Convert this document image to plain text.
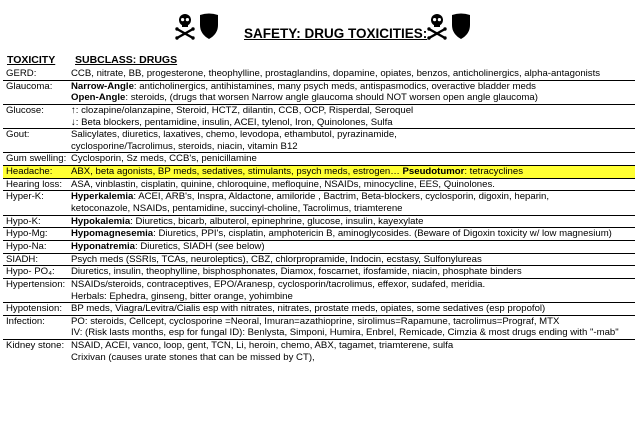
SAFETY: DRUG TOXICITIES:
TOXICITY SUBCLASS: DRUGS
GERD:	CCB, nitrate, BB, progesterone, theophylline, prostaglandins, dopamine, opiates, benzos, anticholinergics, alpha-antagonists
Glaucoma: Narrow-Angle: anticholinergics, antihistamines, many psych meds, antispasmodics, overactive bladder meds
Open-Angle: steroids, (drugs that worsen Narrow angle glaucoma should NOT worsen open angle glaucoma)
Glucose:	↑: clozapine/olanzapine, Steroid, HCTZ, dilantin, CCB, OCP, Risperdal, Seroquel
↓: Beta blockers, pentamidine, insulin, ACEI, tylenol, Iron, Quinolones, Sulfa
Gout:	Salicylates, diuretics, laxatives, chemo, levodopa, ethambutol, pyrazinamide,
cyclosporine/Tacrolimus, steroids, niacin, vitamin B12
Gum swelling: Cyclosporin, Sz meds, CCB's, penicillamine
Headache: ABX, beta agonists, BP meds, sedatives, stimulants, psych meds, estrogen… Pseudotumor: tetracyclines
Hearing loss: ASA, vinblastin, cisplatin, quinine, chloroquine, mefloquine, NSAIDs, minocycline, EES, Quinolones.
Hyper-K:	Hyperkalemia: ACEI, ARB's, Inspra, Aldactone, amiloride , Bactrim, Beta-blockers, cyclosporin, digoxin, heparin,
ketoconazole, NSAIDs, pentamidine, succinyl-choline, Tacrolimus, triamterene
Hypo-K:	Hypokalemia: Diuretics, bicarb, albuterol, epinephrine, glucose, insulin, kayexylate
Hypo-Mg: Hypomagnesemia: Diuretics, PPI's, cisplatin, amphotericin B, aminoglycosides. (Beware of Digoxin toxicity w/ low magnesium)
Hypo-Na:	Hyponatremia: Diuretics, SIADH (see below)
SIADH:	Psych meds (SSRIs, TCAs, neuroleptics), CBZ, chlorpropramide, Indocin, ecstasy, Sulfonylureas
Hypo- PO₄: Diuretics, insulin, theophylline, bisphosphonates, Diamox, foscarnet, ifosfamide, niacin, phosphate binders
Hypertension: NSAIDs/steroids, contraceptives, EPO/Aranesp, cyclosporin/tacrolimus, effexor, sudafed, meridia.
Herbals: Ephedra, ginseng, bitter orange, yohimbine
Hypotension: BP meds, Viagra/Levitra/Cialis esp with nitrates, nitrates, prostate meds, opiates, some sedatives (esp propofol)
Infection:	PO: steroids, Cellcept, cyclosporine =Neoral, Imuran=azathioprine, sirolimus=Rapamune, tacrolimus=Prograf, MTX
IV: (Risk lasts months, esp for fungal ID): Benlysta, Simponi, Humira, Enbrel, Remicade, Cimzia & most drugs ending with "-mab"
Kidney stone: NSAID, ACEI, vanco, loop, gent, TCN, Li, heroin, chemo, ABX, tagamet, triamterene, sulfa
Crixivan (causes urate stones that can be missed by CT),
